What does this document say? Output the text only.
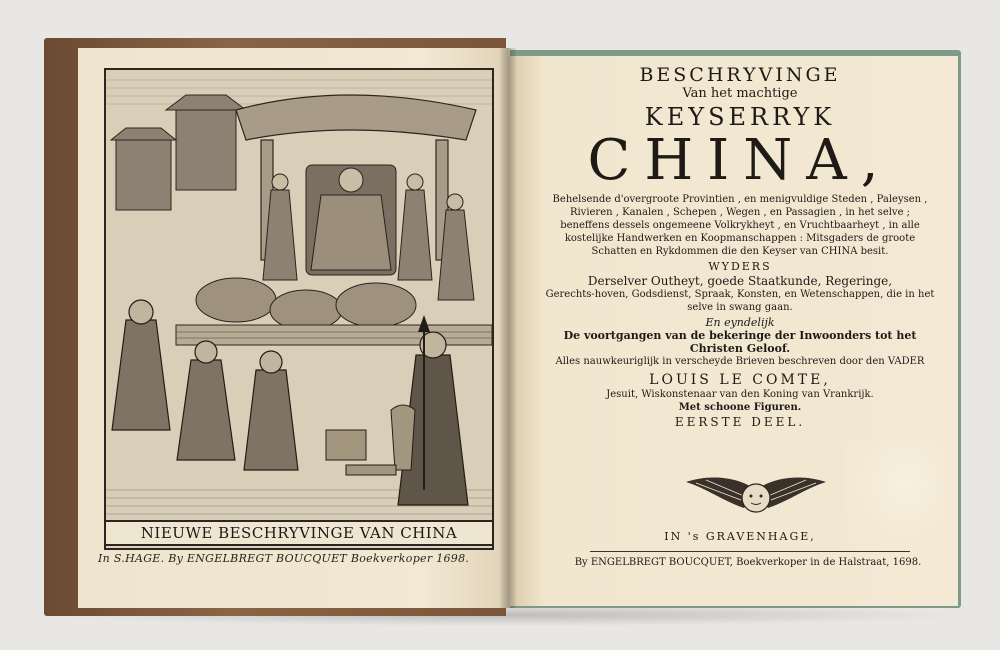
NIEUWE BESCHRYVINGE VAN CHINA
In S.HAGE. By ENGELBREGT BOUCQUET Boekverkoper 1698.
BESCHRYVINGE
Van het machtige
KEYSERRYK
CHINA,
Behelsende d'overgroote Provintien , en menigvuldige Steden , Paleysen , Rivieren , Kanalen , Schepen , Wegen , en Passagien , in het selve ; beneffens dessels ongemeene Volkrykheyt , en Vruchtbaarheyt , in alle kostelijke Handwerken en Koopmanschappen : Mitsgaders de groote Schatten en Rykdommen die den Keyser van CHINA besit.
WYDERS
Derselver Outheyt, goede Staatkunde, Regeringe,
Gerechts-hoven, Godsdienst, Spraak, Konsten, en Wetenschappen, die in het selve in swang gaan.
En eyndelijk
De voortgangen van de bekeringe der Inwoonders tot het Christen Geloof.
Alles nauwkeuriglijk in verscheyde Brieven beschreven door den VADER
LOUIS LE COMTE,
Jesuit, Wiskonstenaar van den Koning van Vrankrijk.
Met schoone Figuren.
EERSTE DEEL.
IN 's GRAVENHAGE,
By ENGELBREGT BOUCQUET, Boekverkoper in de Halstraat, 1698.
